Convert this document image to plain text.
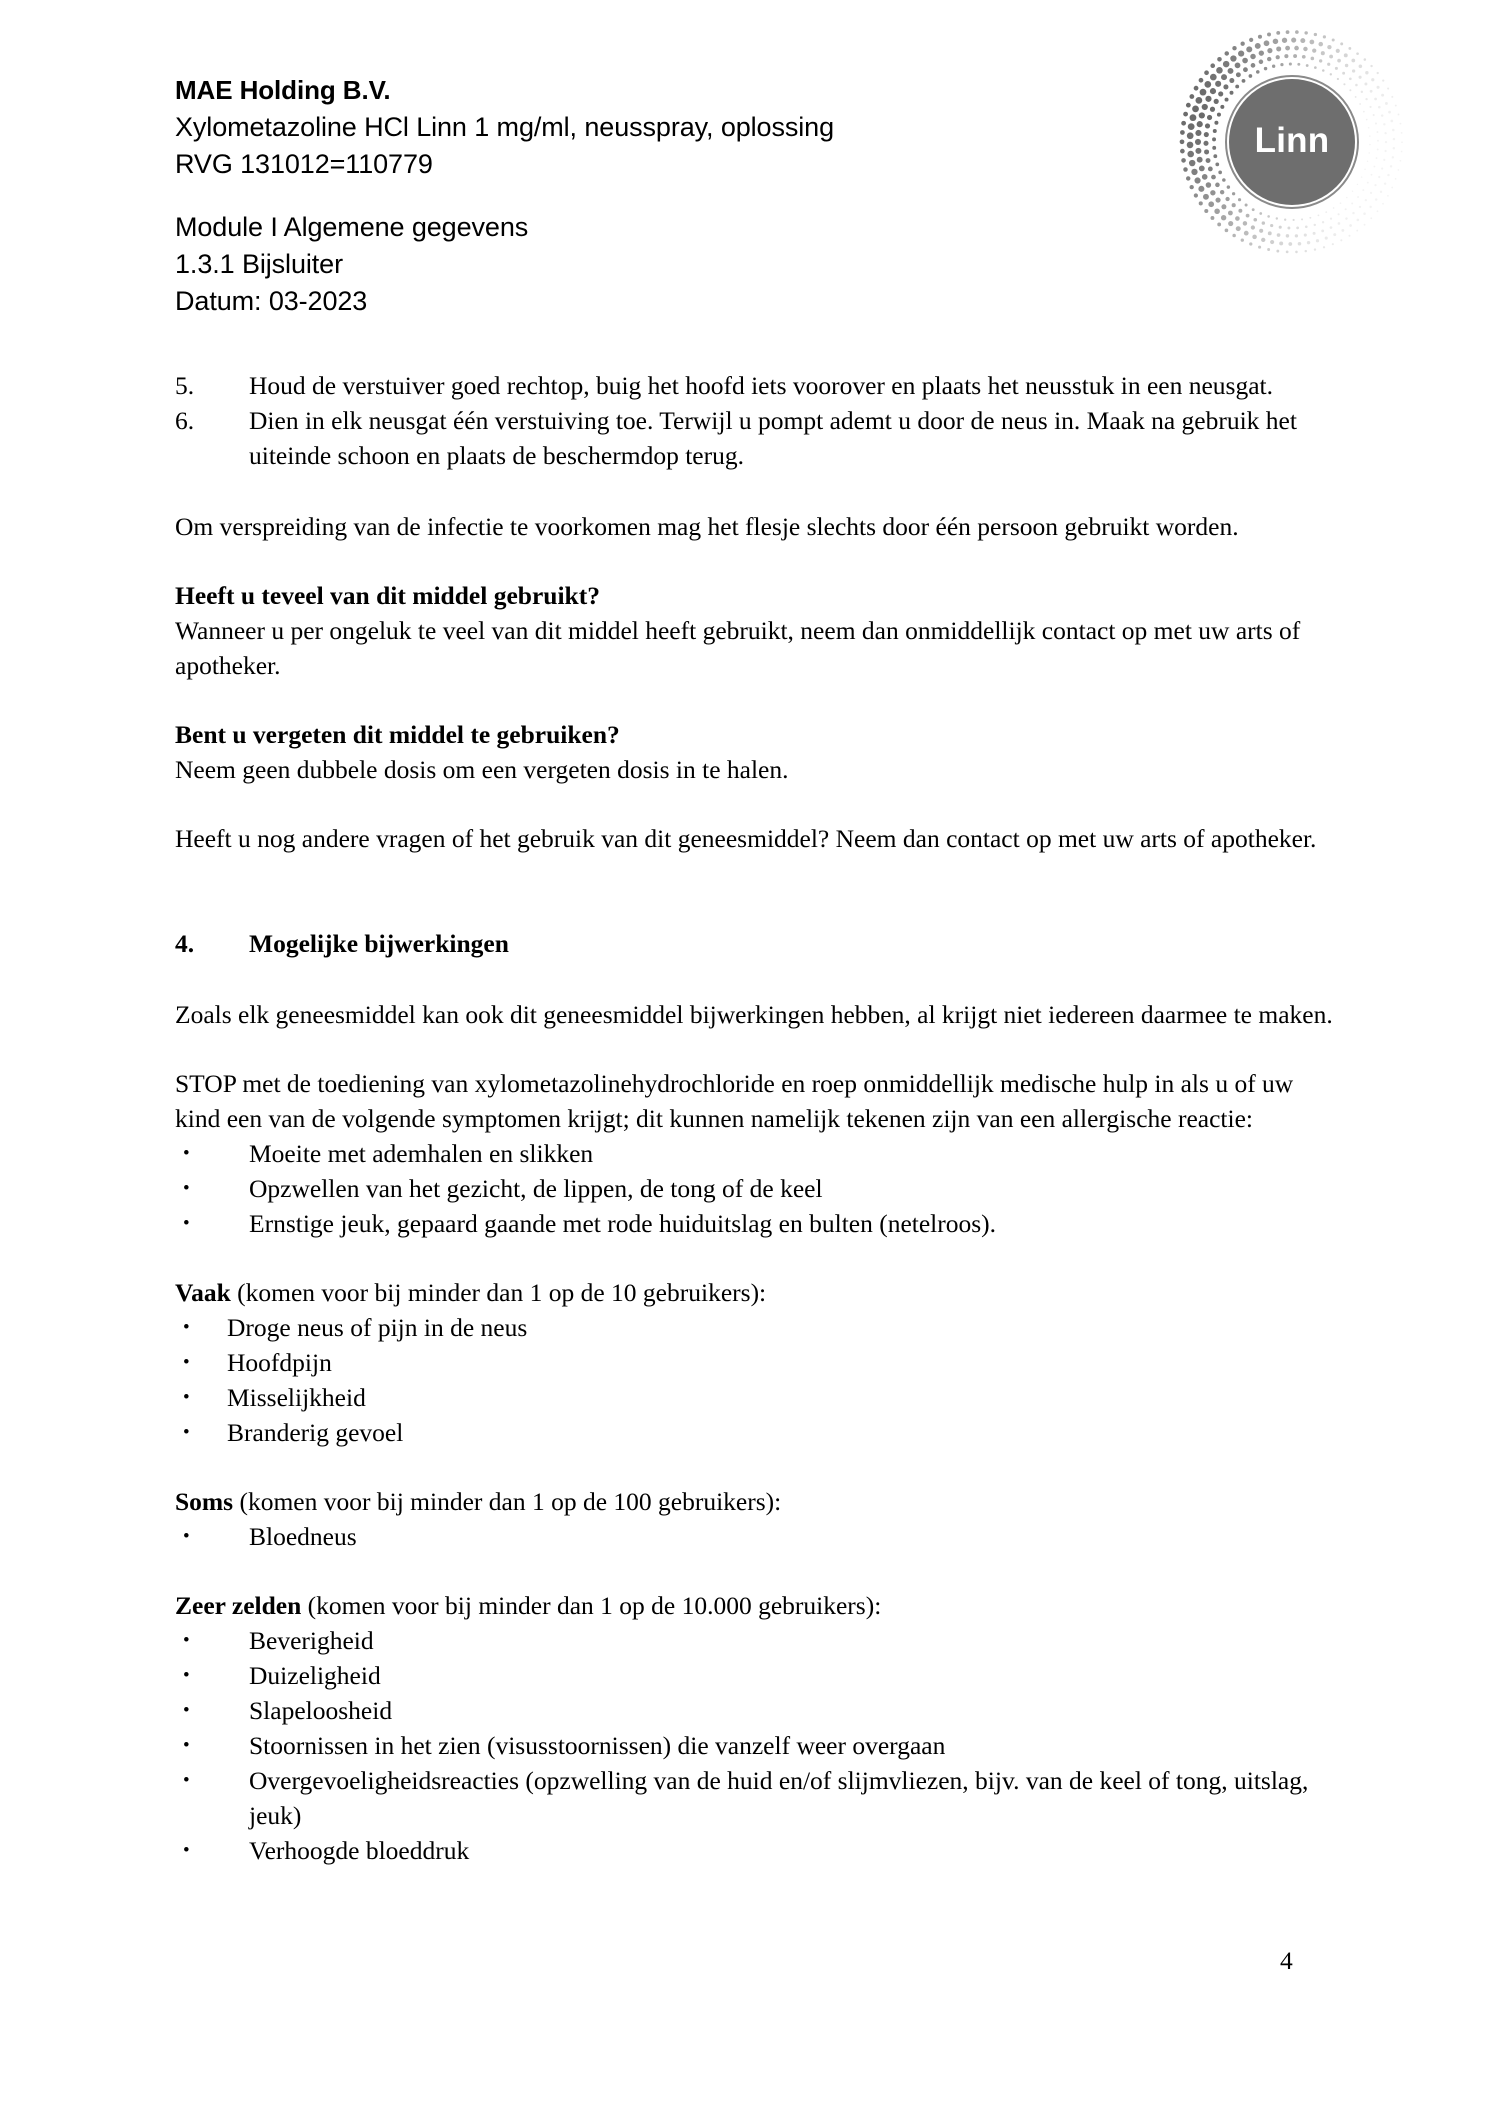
MAE Holding B.V.
Xylometazoline HCl Linn 1 mg/ml, neusspray, oplossing
RVG 131012=110779
Module I Algemene gegevens
1.3.1 Bijsluiter
Datum: 03-2023
Linn
5.	Houd de verstuiver goed rechtop, buig het hoofd iets voorover en plaats het neusstuk in een neusgat.
6.	Dien in elk neusgat één verstuiving toe. Terwijl u pompt ademt u door de neus in. Maak na gebruik het uiteinde schoon en plaats de beschermdop terug.

Om verspreiding van de infectie te voorkomen mag het flesje slechts door één persoon gebruikt worden.

Heeft u teveel van dit middel gebruikt?

Wanneer u per ongeluk te veel van dit middel heeft gebruikt, neem dan onmiddellijk contact op met uw arts of apotheker.

Bent u vergeten dit middel te gebruiken?

Neem geen dubbele dosis om een vergeten dosis in te halen.

Heeft u nog andere vragen of het gebruik van dit geneesmiddel? Neem dan contact op met uw arts of apotheker.

4.	Mogelijke bijwerkingen

Zoals elk geneesmiddel kan ook dit geneesmiddel bijwerkingen hebben, al krijgt niet iedereen daarmee te maken.

STOP met de toediening van xylometazolinehydrochloride en roep onmiddellijk medische hulp in als u of uw kind een van de volgende symptomen krijgt; dit kunnen namelijk tekenen zijn van een allergische reactie:

•	Moeite met ademhalen en slikken
•	Opzwellen van het gezicht, de lippen, de tong of de keel
•	Ernstige jeuk, gepaard gaande met rode huiduitslag en bulten (netelroos).

Vaak (komen voor bij minder dan 1 op de 10 gebruikers):

•	Droge neus of pijn in de neus
•	Hoofdpijn
•	Misselijkheid
•	Branderig gevoel

Soms (komen voor bij minder dan 1 op de 100 gebruikers):

•	Bloedneus

Zeer zelden (komen voor bij minder dan 1 op de 10.000 gebruikers):

•	Beverigheid
•	Duizeligheid
•	Slapeloosheid
•	Stoornissen in het zien (visusstoornissen) die vanzelf weer overgaan
•	Overgevoeligheidsreacties (opzwelling van de huid en/of slijmvliezen, bijv. van de keel of tong, uitslag, jeuk)
•	Verhoogde bloeddruk
4
